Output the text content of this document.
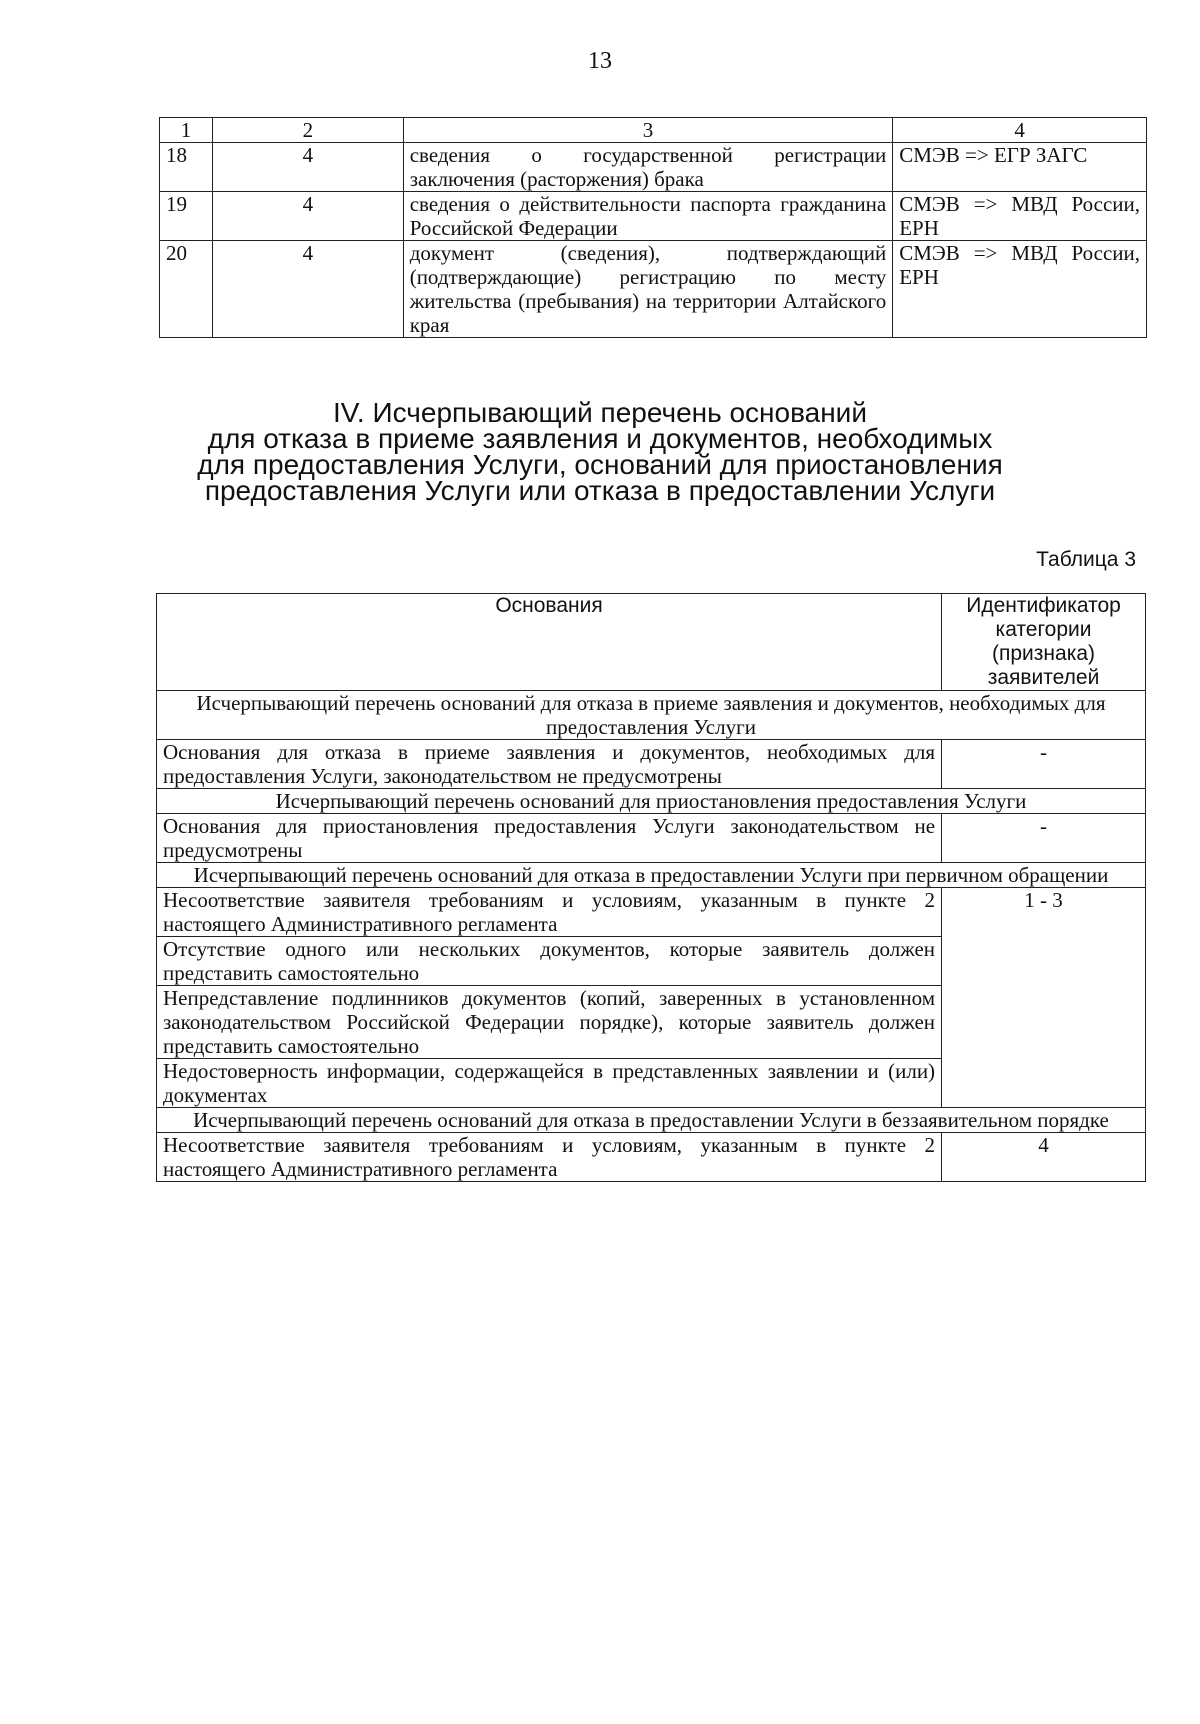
13
1	2	3	4
18	4	сведения о государственной регистрации заключения (расторжения) брака	СМЭВ => ЕГР ЗАГС
19	4	сведения о действительности паспорта гражданина Российской Федерации	СМЭВ => МВД России, ЕРН
20	4	документ (сведения), подтверждающий (подтверждающие) регистрацию по месту жительства (пребывания) на территории Алтайского края	СМЭВ => МВД России, ЕРН
IV. Исчерпывающий перечень оснований
для отказа в приеме заявления и документов, необходимых
для предоставления Услуги, оснований для приостановления
предоставления Услуги или отказа в предоставлении Услуги
Таблица 3
Основания	Идентификатор категории (признака) заявителей
Исчерпывающий перечень оснований для отказа в приеме заявления и документов, необходимых для предоставления Услуги	
Основания для отказа в приеме заявления и документов, необходимых для предоставления Услуги, законодательством не предусмотрены	-
Исчерпывающий перечень оснований для приостановления предоставления Услуги	
Основания для приостановления предоставления Услуги законодательством не предусмотрены	-
Исчерпывающий перечень оснований для отказа в предоставлении Услуги при первичном обращении	
Несоответствие заявителя требованиям и условиям, указанным в пункте 2 настоящего Административного регламента	1 - 3
Отсутствие одного или нескольких документов, которые заявитель должен представить самостоятельно	
Непредставление подлинников документов (копий, заверенных в установленном законодательством Российской Федерации порядке), которые заявитель должен представить самостоятельно	
Недостоверность информации, содержащейся в представленных заявлении и (или) документах	
Исчерпывающий перечень оснований для отказа в предоставлении Услуги в беззаявительном порядке	
Несоответствие заявителя требованиям и условиям, указанным в пункте 2 настоящего Административного регламента	4
